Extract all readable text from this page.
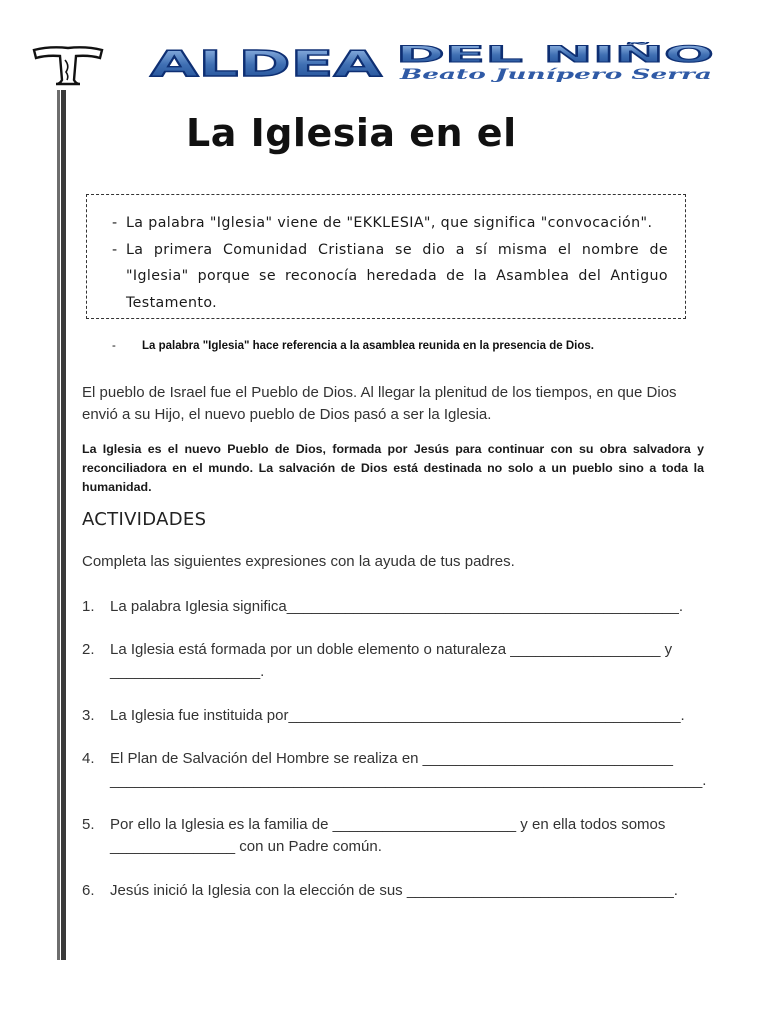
ALDEA DEL NIÑO
Beato Junípero Serra
La Iglesia en el
- La palabra "Iglesia" viene de "EKKLESIA", que significa "convocación".
- La primera Comunidad Cristiana se dio a sí misma el nombre de "Iglesia" porque se reconocía heredada de la Asamblea del Antiguo Testamento.
- La palabra "Iglesia" hace referencia a la asamblea reunida en la presencia de Dios.

El pueblo de Israel fue el Pueblo de Dios. Al llegar la plenitud de los tiempos, en que Dios envió a su Hijo, el nuevo pueblo de Dios pasó a ser la Iglesia.

La Iglesia es el nuevo Pueblo de Dios, formada por Jesús para continuar con su obra salvadora y reconciliadora en el mundo. La salvación de Dios está destinada no solo a un pueblo sino a toda la humanidad.

ACTIVIDADES

Completa las siguientes expresiones con la ayuda de tus padres.

1.	La palabra Iglesia significa_______________________________________________.
2.	La Iglesia está formada por un doble elemento o naturaleza __________________ y
__________________.
3.	La Iglesia fue instituida por_______________________________________________.
4.	El Plan de Salvación del Hombre se realiza en ______________________________
_______________________________________________________________________.
5.	Por ello la Iglesia es la familia de ______________________ y en ella todos somos
_______________ con un Padre común.
6.	Jesús inició la Iglesia con la elección de sus ________________________________.
